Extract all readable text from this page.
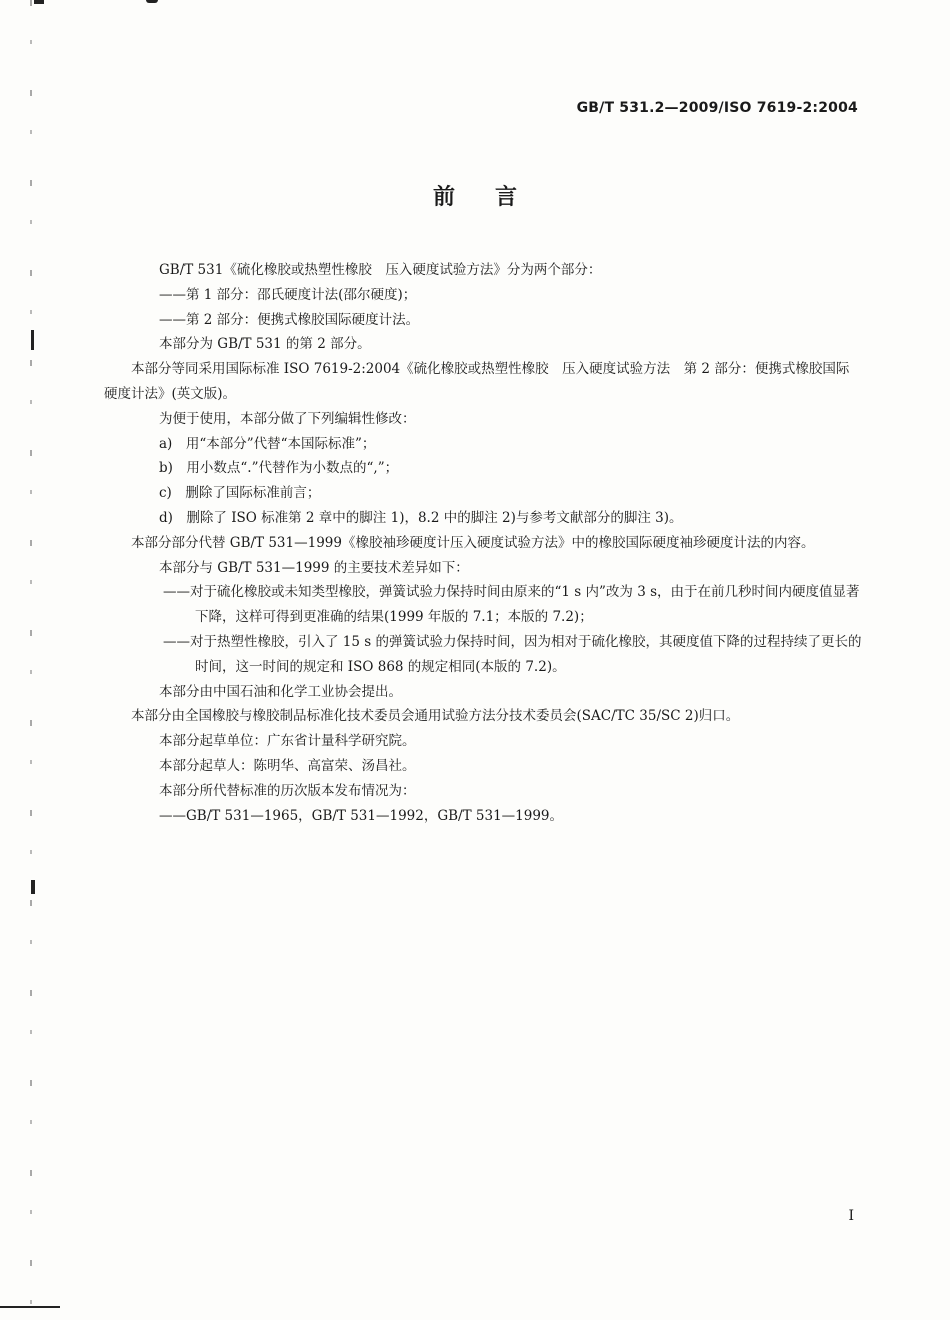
GB/T 531.2—2009/ISO 7619-2:2004
前言

GB/T 531《硫化橡胶或热塑性橡胶　压入硬度试验方法》分为两个部分：

——第 1 部分：邵氏硬度计法(邵尔硬度)；

——第 2 部分：便携式橡胶国际硬度计法。

本部分为 GB/T 531 的第 2 部分。

本部分等同采用国际标准 ISO 7619-2:2004《硫化橡胶或热塑性橡胶　压入硬度试验方法　第 2 部分：便携式橡胶国际硬度计法》(英文版)。

为便于使用，本部分做了下列编辑性修改：

a)　用“本部分”代替“本国际标准”；

b)　用小数点“.”代替作为小数点的“,”；

c)　删除了国际标准前言；

d)　删除了 ISO 标准第 2 章中的脚注 1)，8.2 中的脚注 2)与参考文献部分的脚注 3)。

本部分部分代替 GB/T 531—1999《橡胶袖珍硬度计压入硬度试验方法》中的橡胶国际硬度袖珍硬度计法的内容。

本部分与 GB/T 531—1999 的主要技术差异如下：

——对于硫化橡胶或未知类型橡胶，弹簧试验力保持时间由原来的“1 s 内”改为 3 s，由于在前几秒时间内硬度值显著下降，这样可得到更准确的结果(1999 年版的 7.1；本版的 7.2)；

——对于热塑性橡胶，引入了 15 s 的弹簧试验力保持时间，因为相对于硫化橡胶，其硬度值下降的过程持续了更长的时间，这一时间的规定和 ISO 868 的规定相同(本版的 7.2)。

本部分由中国石油和化学工业协会提出。

本部分由全国橡胶与橡胶制品标准化技术委员会通用试验方法分技术委员会(SAC/TC 35/SC 2)归口。

本部分起草单位：广东省计量科学研究院。

本部分起草人：陈明华、高富荣、汤昌社。

本部分所代替标准的历次版本发布情况为：

——GB/T 531—1965，GB/T 531—1992，GB/T 531—1999。

I
